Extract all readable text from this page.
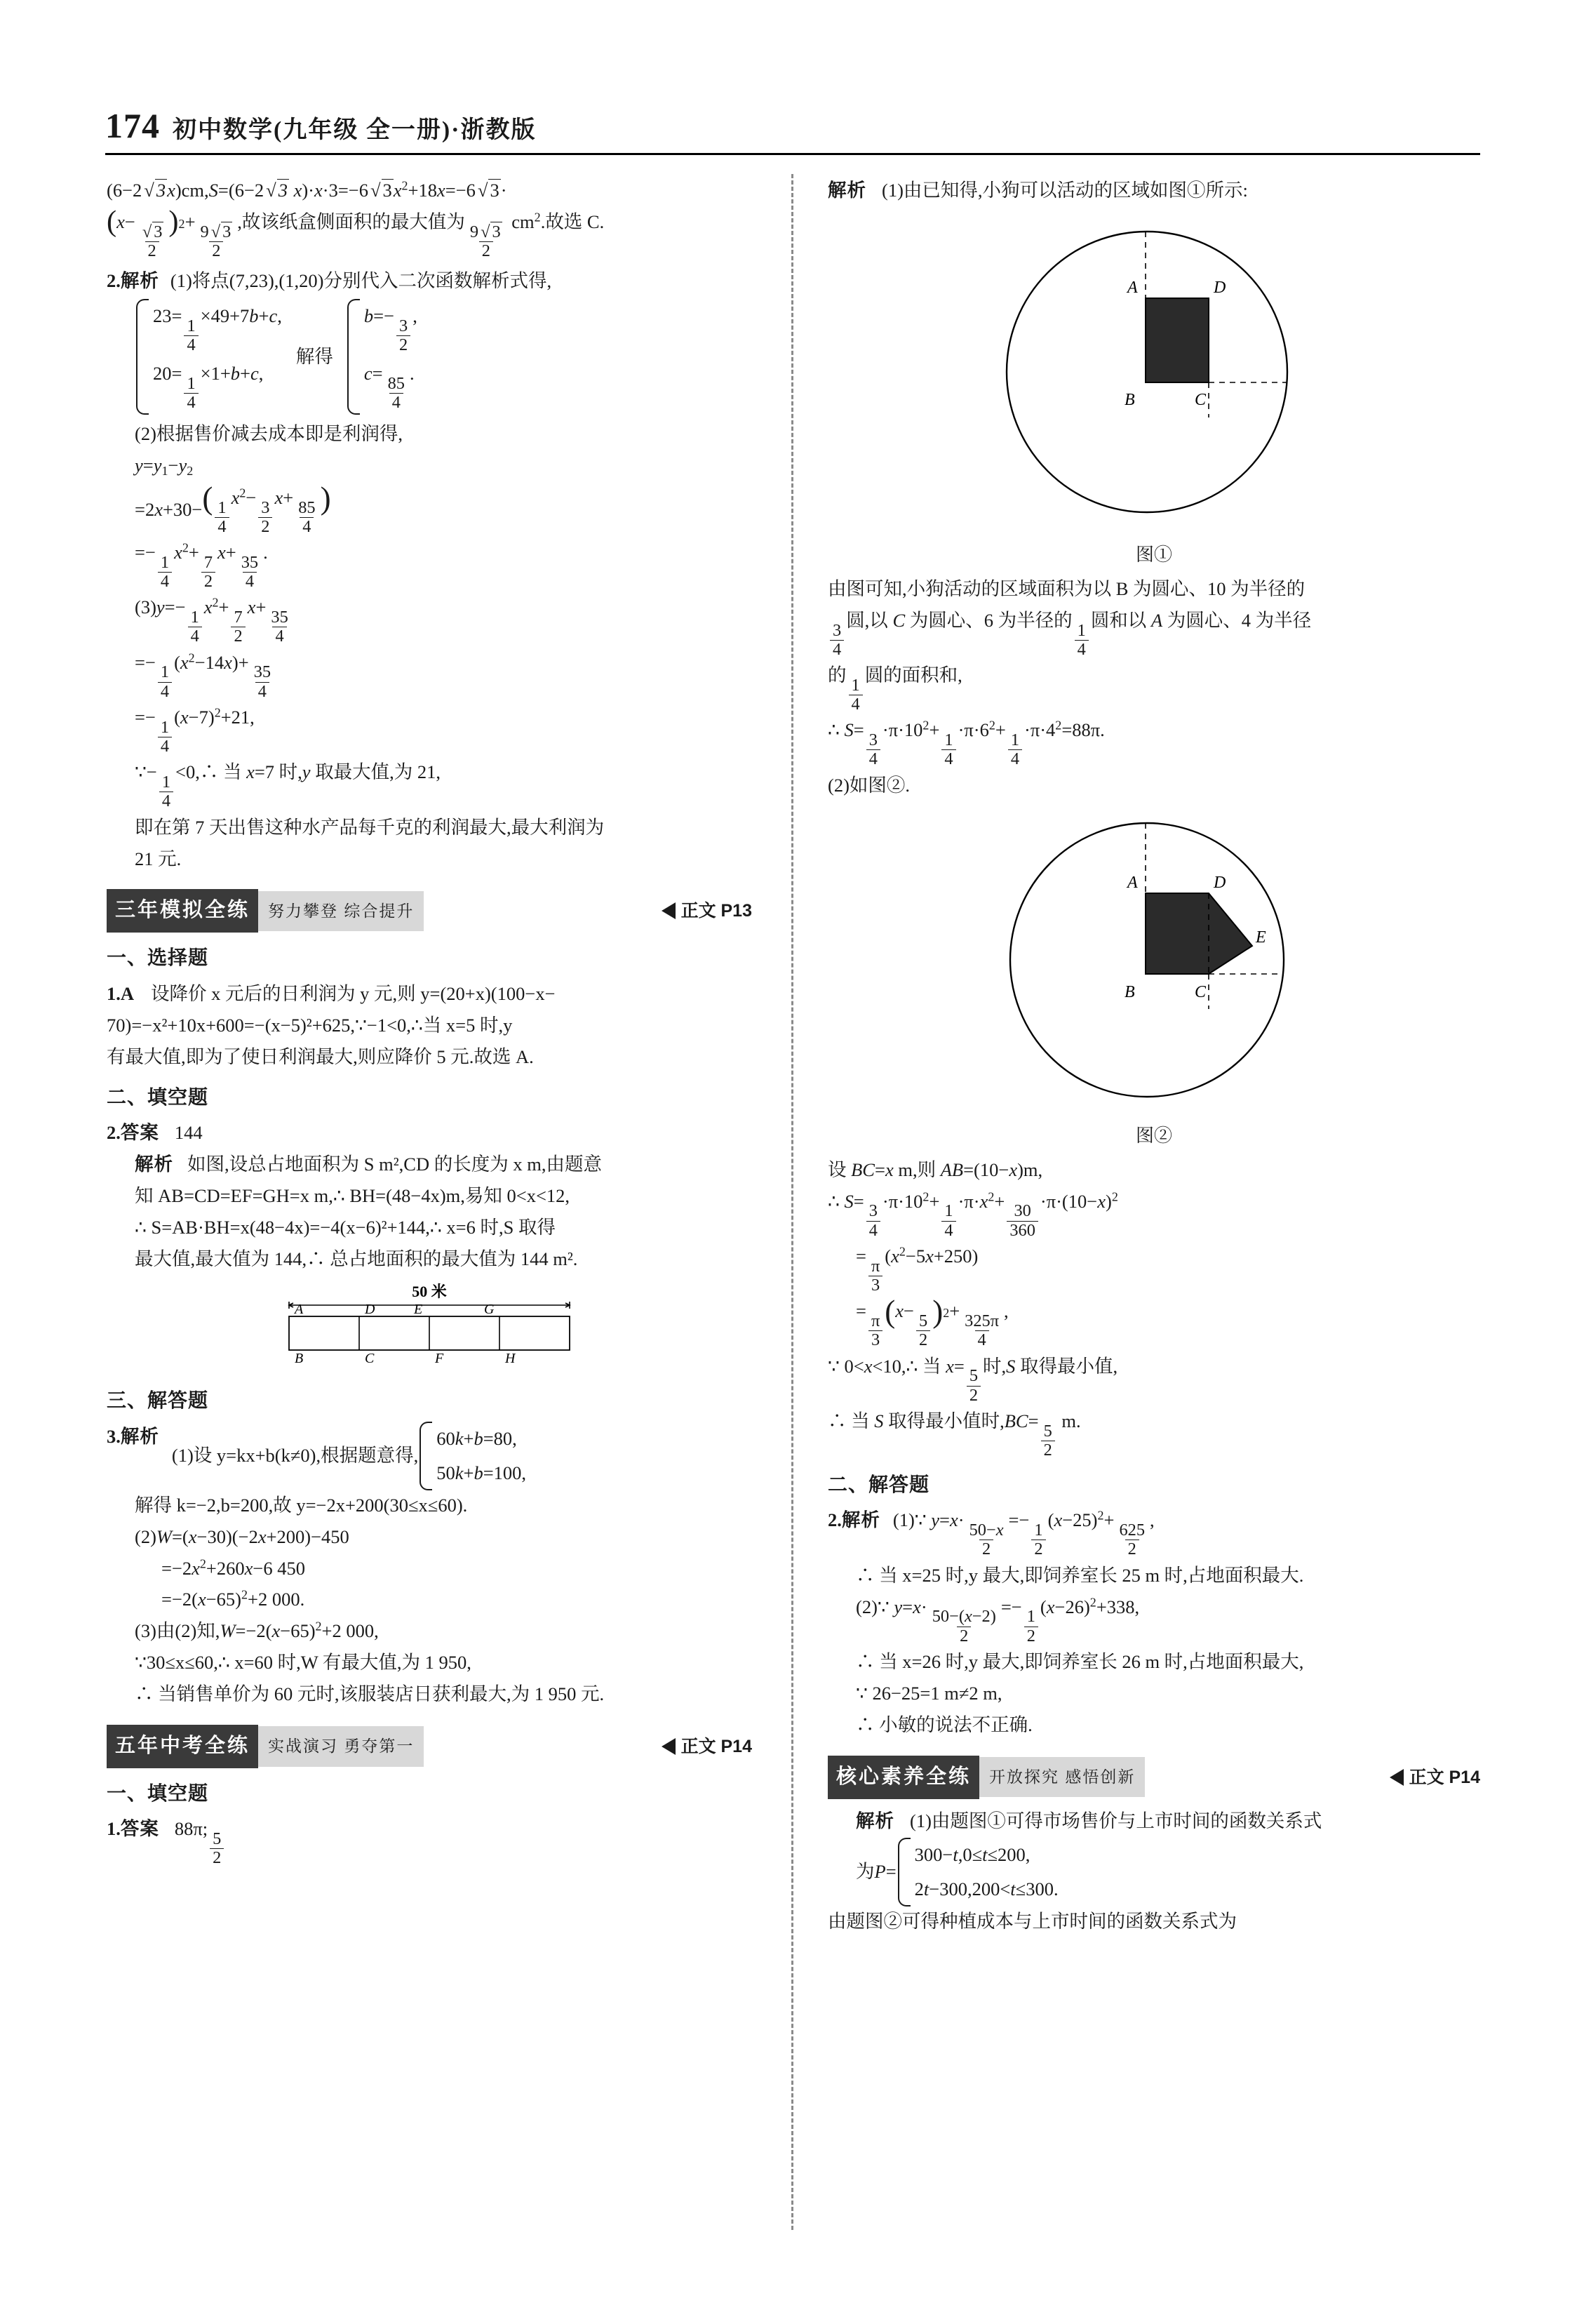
174 初中数学(九年级 全一册)·浙教版

(6−2 √ 3x)cm,S=(6−2 √ 3 x)·x·3=−6 √ $3x^2+18x=-6$ √ 3·

( x−
$\frac{√ 3}{2}$
) 2 +
$\frac{9 √ 3}{2}$
,故该纸盒侧面积的最大值为
$\frac{9 √ 3}{2}$
$cm^2$.故选 C.

2. 解析 (1)将点(7,23),(1,20)分别代入二次函数解析式得,

23=
$\frac{1}{4}$
×49+7b+c,
20=
$\frac{1}{4}$
×1+b+c,
解得
b=−
$\frac{3}{2}$
,
c=
$\frac{85}{4}$
.

(2)根据售价减去成本即是利润得,

$y=y_1-y_2$

=2x+30− (
$\frac{1}{4}$
$x^2-$
$\frac{3}{2}$
x+
$\frac{85}{4}$
)

=−
$\frac{1}{4}$
$x^2+$
$\frac{7}{2}$
x+
$\frac{35}{4}$
.

(3)y=−
$\frac{1}{4}$
$x^2+$
$\frac{7}{2}$
x+
$\frac{35}{4}$

=−
$\frac{1}{4}$
$(x^2-14x)+$
$\frac{35}{4}$

=−
$\frac{1}{4}$
$(x-7)^2+21$,

∵−
$\frac{1}{4}$
<0,∴ 当 x=7 时,y 取最大值,为 21,

即在第 7 天出售这种水产品每千克的利润最大,最大利润为

21 元.

三年模拟全练	努力攀登 综合提升	正文 P13

一、选择题

1. A 设降价 x 元后的日利润为 y 元,则 y=(20+x)(100−x−

70)=−x²+10x+600=−(x−5)²+625,∵−1<0,∴当 x=5 时,y

有最大值,即为了使日利润最大,则应降价 5 元.故选 A.

二、填空题

2. 答案 144

解析 如图,设总占地面积为 S m²,CD 的长度为 x m,由题意

知 AB=CD=EF=GH=x m,∴ BH=(48−4x)m,易知 0<x<12,

∴ S=AB·BH=x(48−4x)=−4(x−6)²+144,∴ x=6 时,S 取得

最大值,最大值为 144,∴ 总占地面积的最大值为 144 m².

50 米
A	D	E	G
B	C	F	H

三、解答题

3. 解析
(1)设 y=kx+b(k≠0),根据题意得,
60k+b=80,
50k+b=100,

解得 k=−2,b=200,故 y=−2x+200(30≤x≤60).

(2)W=(x−30)(−2x+200)−450

$=-2x^2+260x-6$ 450

$=-2(x-65)^2+2$ 000.

(3)由(2)知$,W=-2(x-65)^2+2$ 000,

∵30≤x≤60,∴ x=60 时,W 有最大值,为 1 950,

∴ 当销售单价为 60 元时,该服装店日获利最大,为 1 950 元.

五年中考全练	实战演习 勇夺第一	正文 P14

一、填空题

1. 答案 88π;
$\frac{5}{2}$

解析 (1)由已知得,小狗可以活动的区域如图①所示:

A	D
B	C
图①

由图可知,小狗活动的区域面积为以 B 为圆心、10 为半径的

$\frac{3}{4}$
圆,以 C 为圆心、6 为半径的
$\frac{1}{4}$
圆和以 A 为圆心、4 为半径

的
$\frac{1}{4}$
圆的面积和,

∴ S=
$\frac{3}{4}$
$\cdot\pi\cdot 10^2+$
$\frac{1}{4}$
$\cdot\pi\cdot 6^2+$
$\frac{1}{4}$
$\cdot\pi\cdot 4^2=88\pi$.

(2)如图②.

A	D
E
B	C
图②

设 BC=x m,则 AB=(10−x)m,

∴ S=
$\frac{3}{4}$
$\cdot\pi\cdot 10^2+$
$\frac{1}{4}$
$\cdot\pi\cdot x^2+$
$\frac{30}{360}$
$\cdot\pi\cdot(10-x)^2$

=
$\frac{\pi}{3}$
$(x^2-5x+250)$

=
$\frac{\pi}{3}$
( x−
$\frac{5}{2}$
) 2 +
$\frac{325\pi}{4}$
,

∵ 0<x<10,∴ 当 x=
$\frac{5}{2}$
时,S 取得最小值,

∴ 当 S 取得最小值时,BC=
$\frac{5}{2}$
m.

二、解答题

2. 解析 (1)∵ y=x·
$\frac{50-x}{2}$
=−
$\frac{1}{2}$
$(x-25)^2+$
$\frac{625}{2}$
,

∴ 当 x=25 时,y 最大,即饲养室长 25 m 时,占地面积最大.

(2)∵ y=x·
$\frac{50-(x-2)}{2}$
=−
$\frac{1}{2}$
$(x-26)^2+338$,

∴ 当 x=26 时,y 最大,即饲养室长 26 m 时,占地面积最大,

∵ 26−25=1 m≠2 m,

∴ 小敏的说法不正确.

核心素养全练	开放探究 感悟创新	正文 P14

解析 (1)由题图①可得市场售价与上市时间的函数关系式

为P=
300−t,0≤t≤200,
2t−300,200<t≤300.

由题图②可得种植成本与上市时间的函数关系式为
